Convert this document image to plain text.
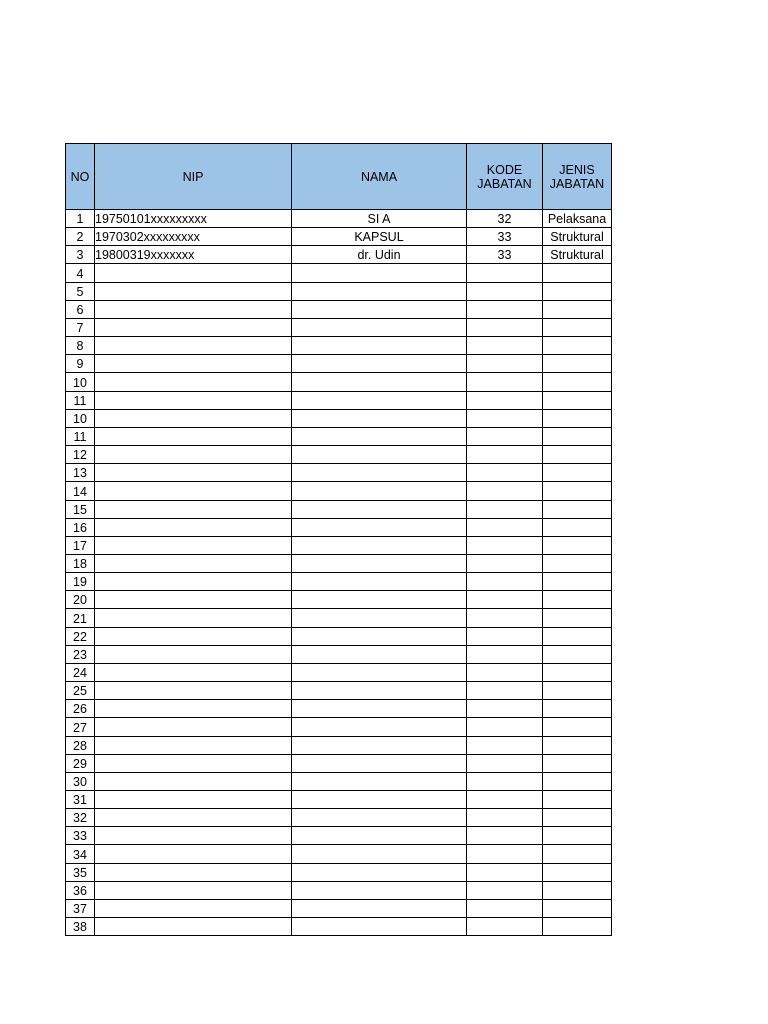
NO	NIP	NAMA	KODE JABATAN	JENIS JABATAN
1	19750101xxxxxxxxx	SI A	32	Pelaksana
2	1970302xxxxxxxxx	KAPSUL	33	Struktural
3	19800319xxxxxxx	dr. Udin	33	Struktural
4				
5				
6				
7				
8				
9				
10				
11				
10				
11				
12				
13				
14				
15				
16				
17				
18				
19				
20				
21				
22				
23				
24				
25				
26				
27				
28				
29				
30				
31				
32				
33				
34				
35				
36				
37				
38				
